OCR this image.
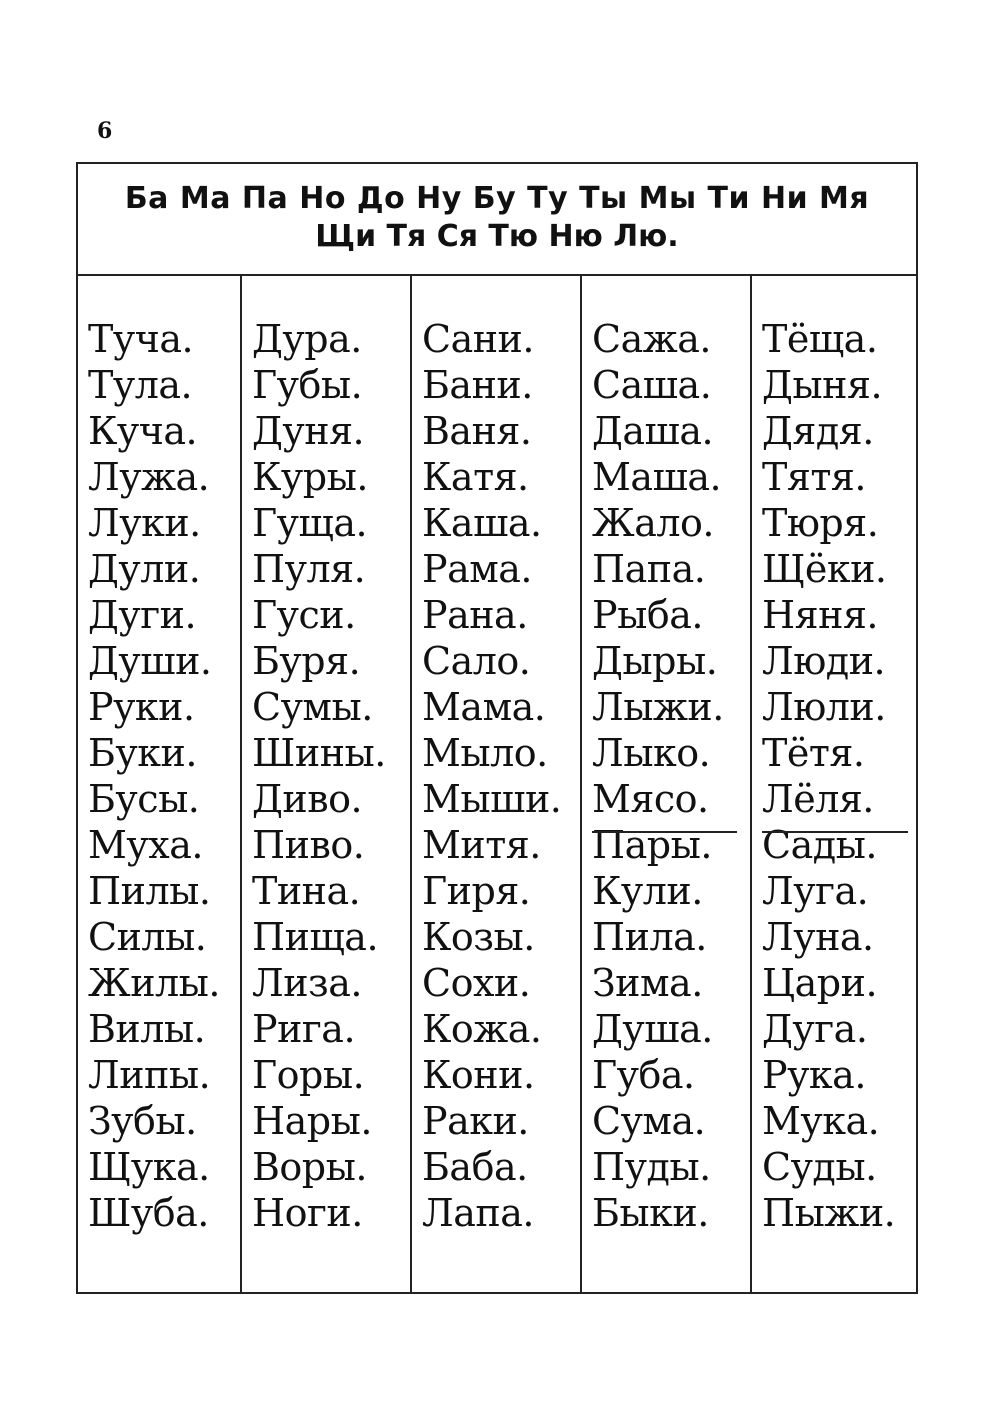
6
Ба Ма Па Но До Ну Бу Ту Ты Мы Ти Ни Мя
Щи Тя Ся Тю Ню Лю.
Туча.
Тула.
Куча.
Лужа.
Луки.
Дули.
Дуги.
Души.
Руки.
Буки.
Бусы.
Муха.
Пилы.
Силы.
Жилы.
Вилы.
Липы.
Зубы.
Щука.
Шуба.
Дура.
Губы.
Дуня.
Куры.
Гуща.
Пуля.
Гуси.
Буря.
Сумы.
Шины.
Диво.
Пиво.
Тина.
Пища.
Лиза.
Рига.
Горы.
Нары.
Воры.
Ноги.
Сани.
Бани.
Ваня.
Катя.
Каша.
Рама.
Рана.
Сало.
Мама.
Мыло.
Мыши.
Митя.
Гиря.
Козы.
Сохи.
Кожа.
Кони.
Раки.
Баба.
Лапа.
Сажа.
Саша.
Даша.
Маша.
Жало.
Папа.
Рыба.
Дыры.
Лыжи.
Лыко.
Мясо.
Пары.
Кули.
Пила.
Зима.
Душа.
Губа.
Сума.
Пуды.
Быки.
Тёща.
Дыня.
Дядя.
Тятя.
Тюря.
Щёки.
Няня.
Люди.
Люли.
Тётя.
Лёля.
Сады.
Луга.
Луна.
Цари.
Дуга.
Рука.
Мука.
Суды.
Пыжи.
